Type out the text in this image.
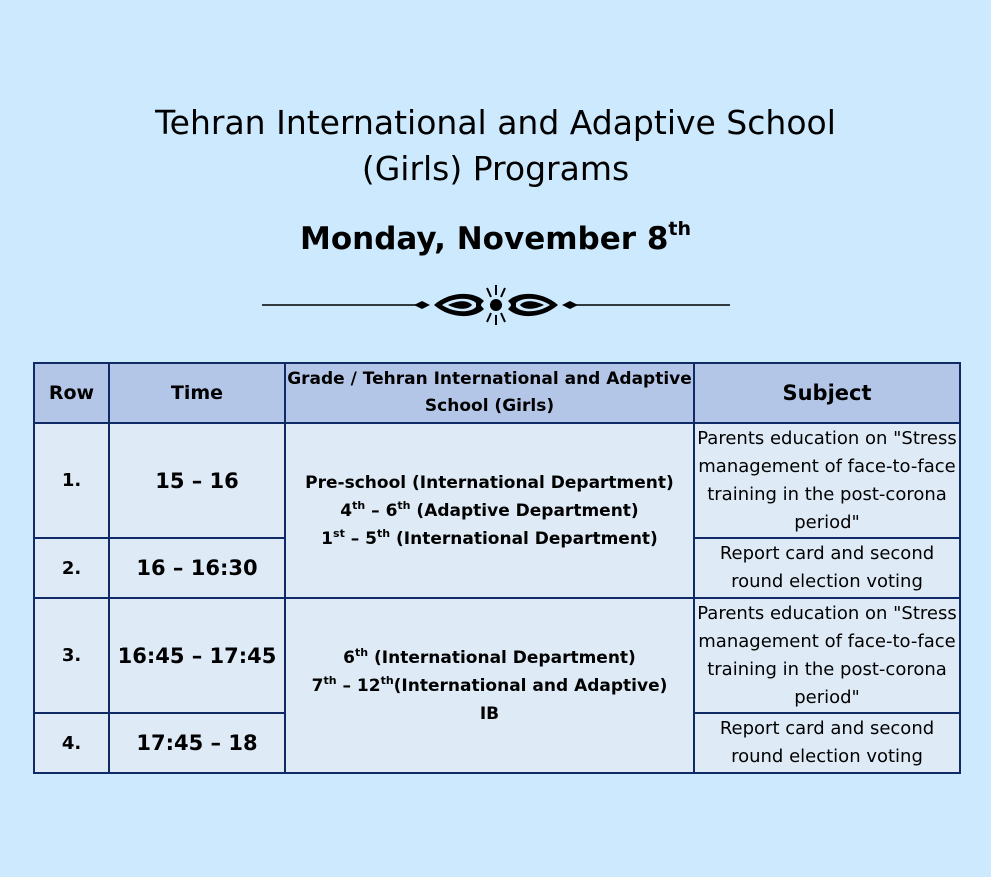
Tehran International and Adaptive School
(Girls) Programs
Monday, November 8th
Row	Time	Grade / Tehran International and Adaptive School (Girls)	Subject
1.	15 – 16	Pre-school (International Department)
4th – 6th (Adaptive Department)
1st – 5th (International Department)	Parents education on "Stress management of face-to-face training in the post-corona period"
2.	16 – 16:30		Report card and second round election voting
3.	16:45 – 17:45	6th (International Department)
7th – 12th(International and Adaptive)
IB	Parents education on "Stress management of face-to-face training in the post-corona period"
4.	17:45 – 18		Report card and second round election voting
